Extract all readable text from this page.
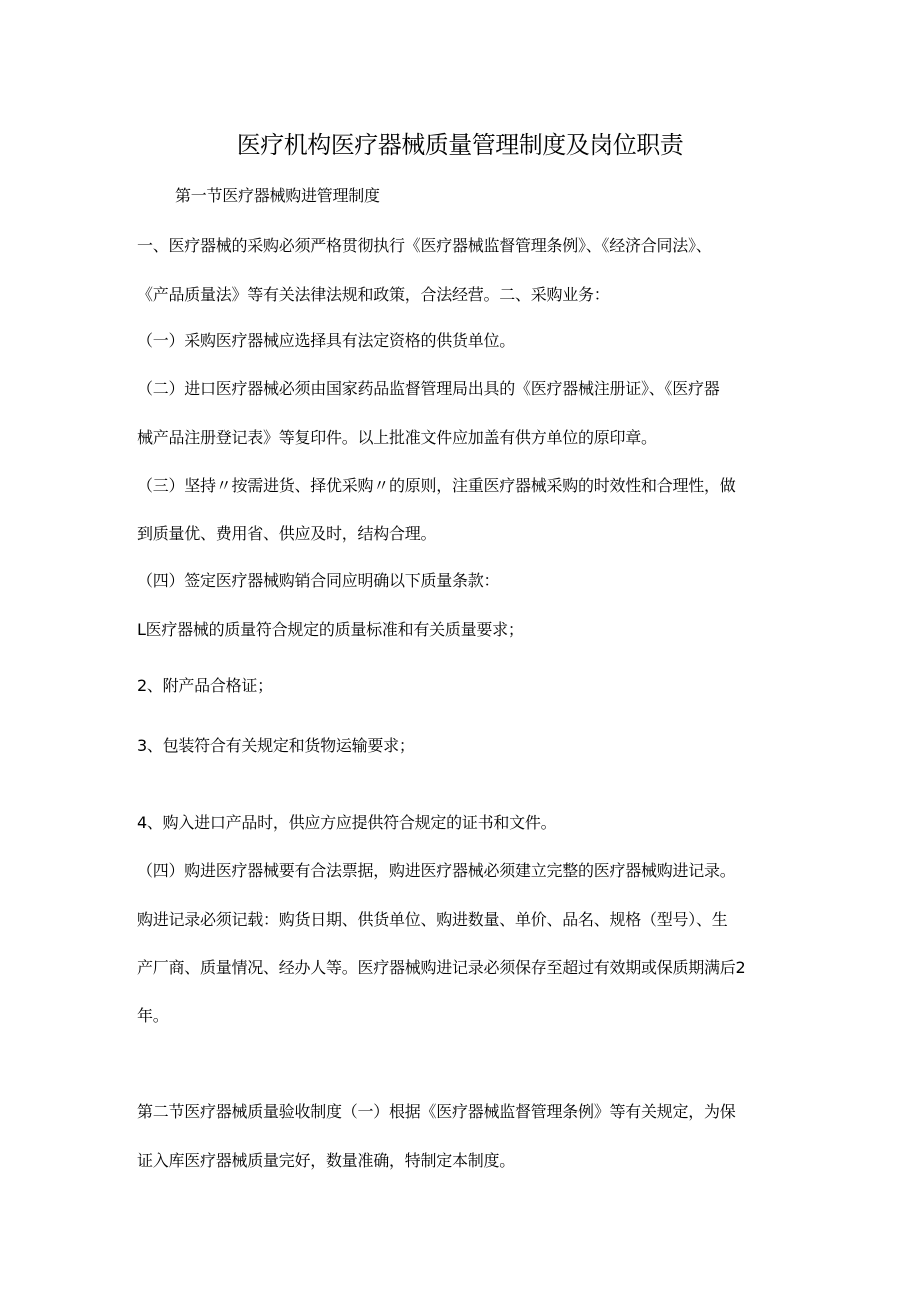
医疗机构医疗器械质量管理制度及岗位职责
第一节医疗器械购进管理制度
一、医疗器械的采购必须严格贯彻执行《医疗器械监督管理条例》、《经济合同法》、
《产品质量法》等有关法律法规和政策，合法经营。二、采购业务：
（一）采购医疗器械应选择具有法定资格的供货单位。
（二）进口医疗器械必须由国家药品监督管理局出具的《医疗器械注册证》、《医疗器
械产品注册登记表》等复印件。以上批准文件应加盖有供方单位的原印章。
（三）坚持〃按需进货、择优采购〃的原则，注重医疗器械采购的时效性和合理性，做
到质量优、费用省、供应及时，结构合理。
（四）签定医疗器械购销合同应明确以下质量条款：
L医疗器械的质量符合规定的质量标准和有关质量要求；
2、附产品合格证；
3、包装符合有关规定和货物运输要求；
4、购入进口产品时，供应方应提供符合规定的证书和文件。
（四）购进医疗器械要有合法票据，购进医疗器械必须建立完整的医疗器械购进记录。
购进记录必须记载：购货日期、供货单位、购进数量、单价、品名、规格（型号）、生
产厂商、质量情况、经办人等。医疗器械购进记录必须保存至超过有效期或保质期满后2
年。
第二节医疗器械质量验收制度（一）根据《医疗器械监督管理条例》等有关规定，为保
证入库医疗器械质量完好，数量准确，特制定本制度。
